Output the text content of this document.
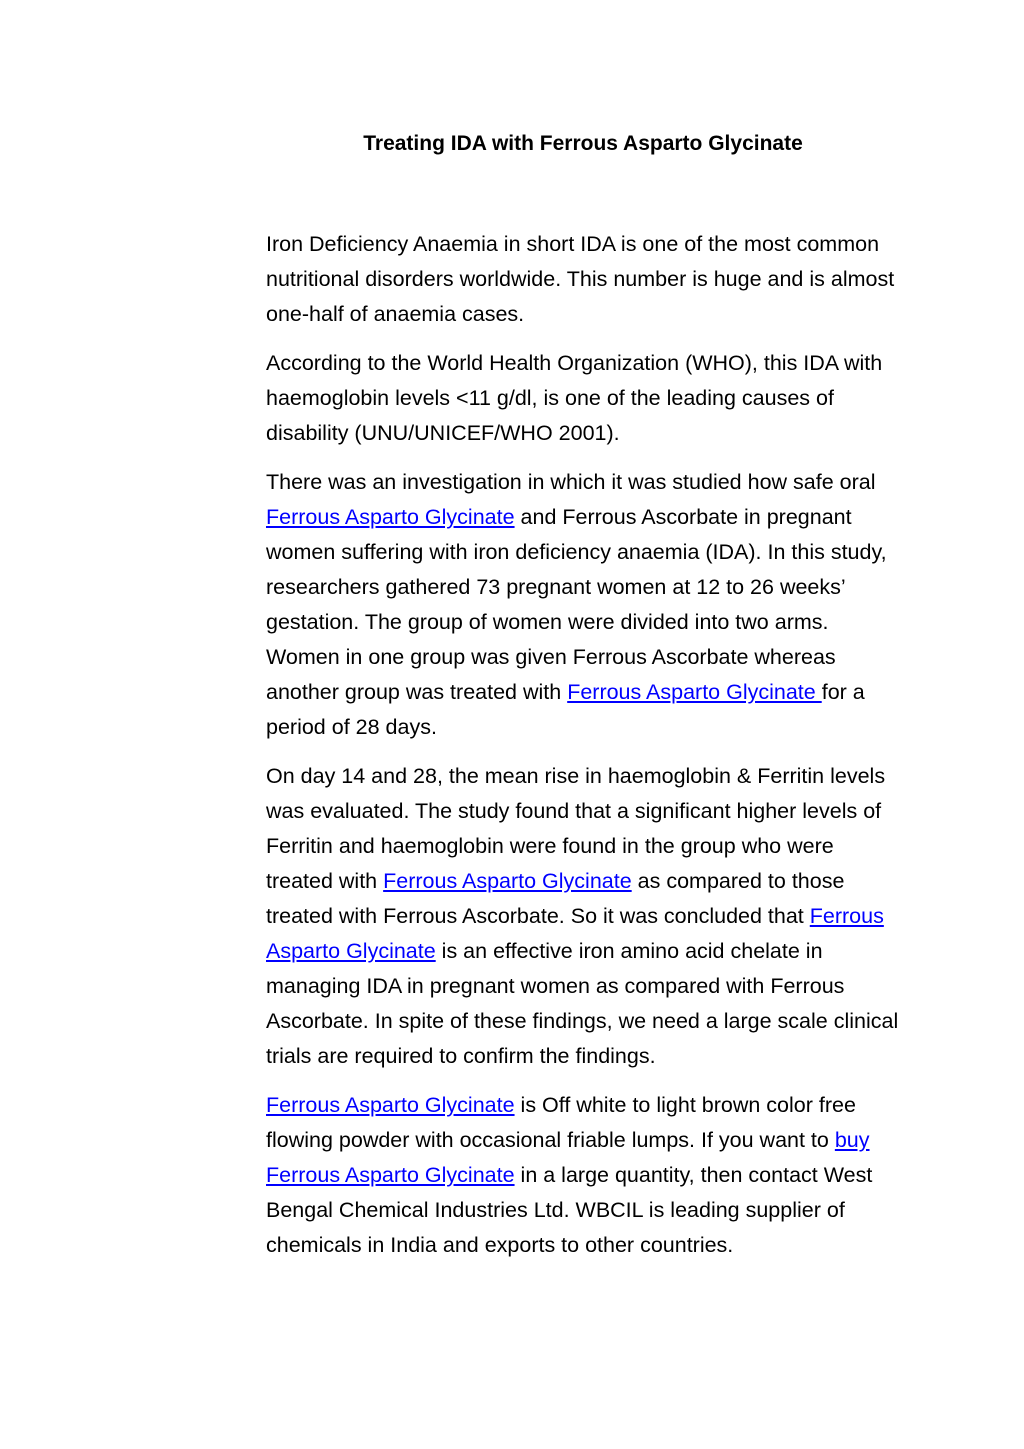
Treating IDA with Ferrous Asparto Glycinate

Iron Deficiency Anaemia in short IDA is one of the most common nutritional disorders worldwide. This number is huge and is almost one-half of anaemia cases.

According to the World Health Organization (WHO), this IDA with haemoglobin levels <11 g/dl, is one of the leading causes of disability (UNU/UNICEF/WHO 2001).

There was an investigation in which it was studied how safe oral Ferrous Asparto Glycinate and Ferrous Ascorbate in pregnant women suffering with iron deficiency anaemia (IDA). In this study, researchers gathered 73 pregnant women at 12 to 26 weeks’ gestation. The group of women were divided into two arms. Women in one group was given Ferrous Ascorbate whereas another group was treated with Ferrous Asparto Glycinate for a period of 28 days.

On day 14 and 28, the mean rise in haemoglobin & Ferritin levels was evaluated. The study found that a significant higher levels of Ferritin and haemoglobin were found in the group who were treated with Ferrous Asparto Glycinate as compared to those treated with Ferrous Ascorbate. So it was concluded that Ferrous Asparto Glycinate is an effective iron amino acid chelate in managing IDA in pregnant women as compared with Ferrous Ascorbate. In spite of these findings, we need a large scale clinical trials are required to confirm the findings.

Ferrous Asparto Glycinate is Off white to light brown color free flowing powder with occasional friable lumps. If you want to buy Ferrous Asparto Glycinate in a large quantity, then contact West Bengal Chemical Industries Ltd. WBCIL is leading supplier of chemicals in India and exports to other countries.
